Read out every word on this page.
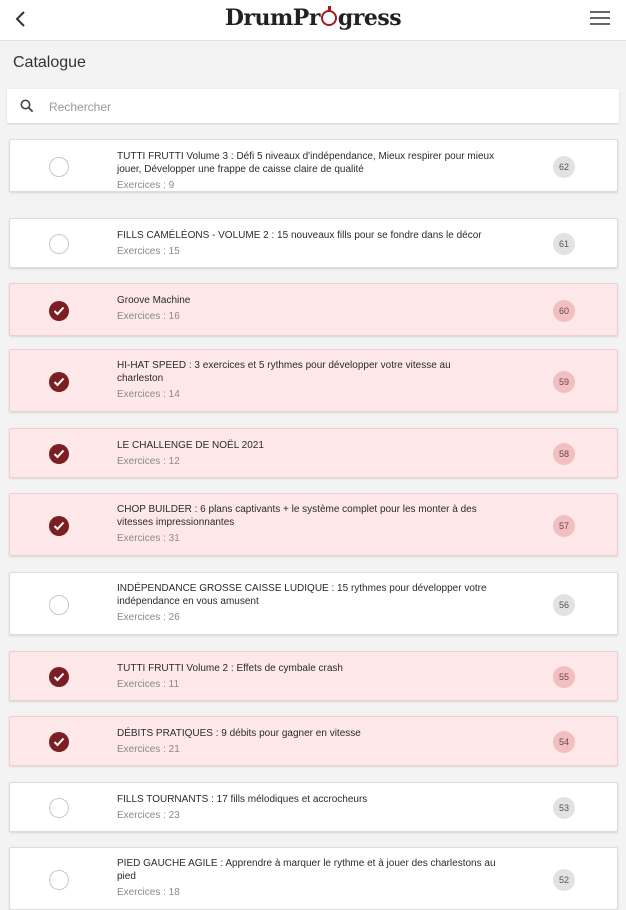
DrumPr gress
Catalogue
Rechercher
TUTTI FRUTTI Volume 3 : Défi 5 niveaux d'indépendance, Mieux respirer pour mieux jouer, Développer une frappe de caisse claire de qualité
Exercices : 9
62
FILLS CAMÉLÉONS - VOLUME 2 : 15 nouveaux fills pour se fondre dans le décor
Exercices : 15
61
Groove Machine
Exercices : 16
60
HI-HAT SPEED : 3 exercices et 5 rythmes pour développer votre vitesse au charleston
Exercices : 14
59
LE CHALLENGE DE NOËL 2021
Exercices : 12
58
CHOP BUILDER : 6 plans captivants + le système complet pour les monter à des vitesses impressionnantes
Exercices : 31
57
INDÉPENDANCE GROSSE CAISSE LUDIQUE : 15 rythmes pour développer votre indépendance en vous amusent
Exercices : 26
56
TUTTI FRUTTI Volume 2 : Effets de cymbale crash
Exercices : 11
55
DÉBITS PRATIQUES : 9 débits pour gagner en vitesse
Exercices : 21
54
FILLS TOURNANTS : 17 fills mélodiques et accrocheurs
Exercices : 23
53
PIED GAUCHE AGILE : Apprendre à marquer le rythme et à jouer des charlestons au pied
Exercices : 18
52
